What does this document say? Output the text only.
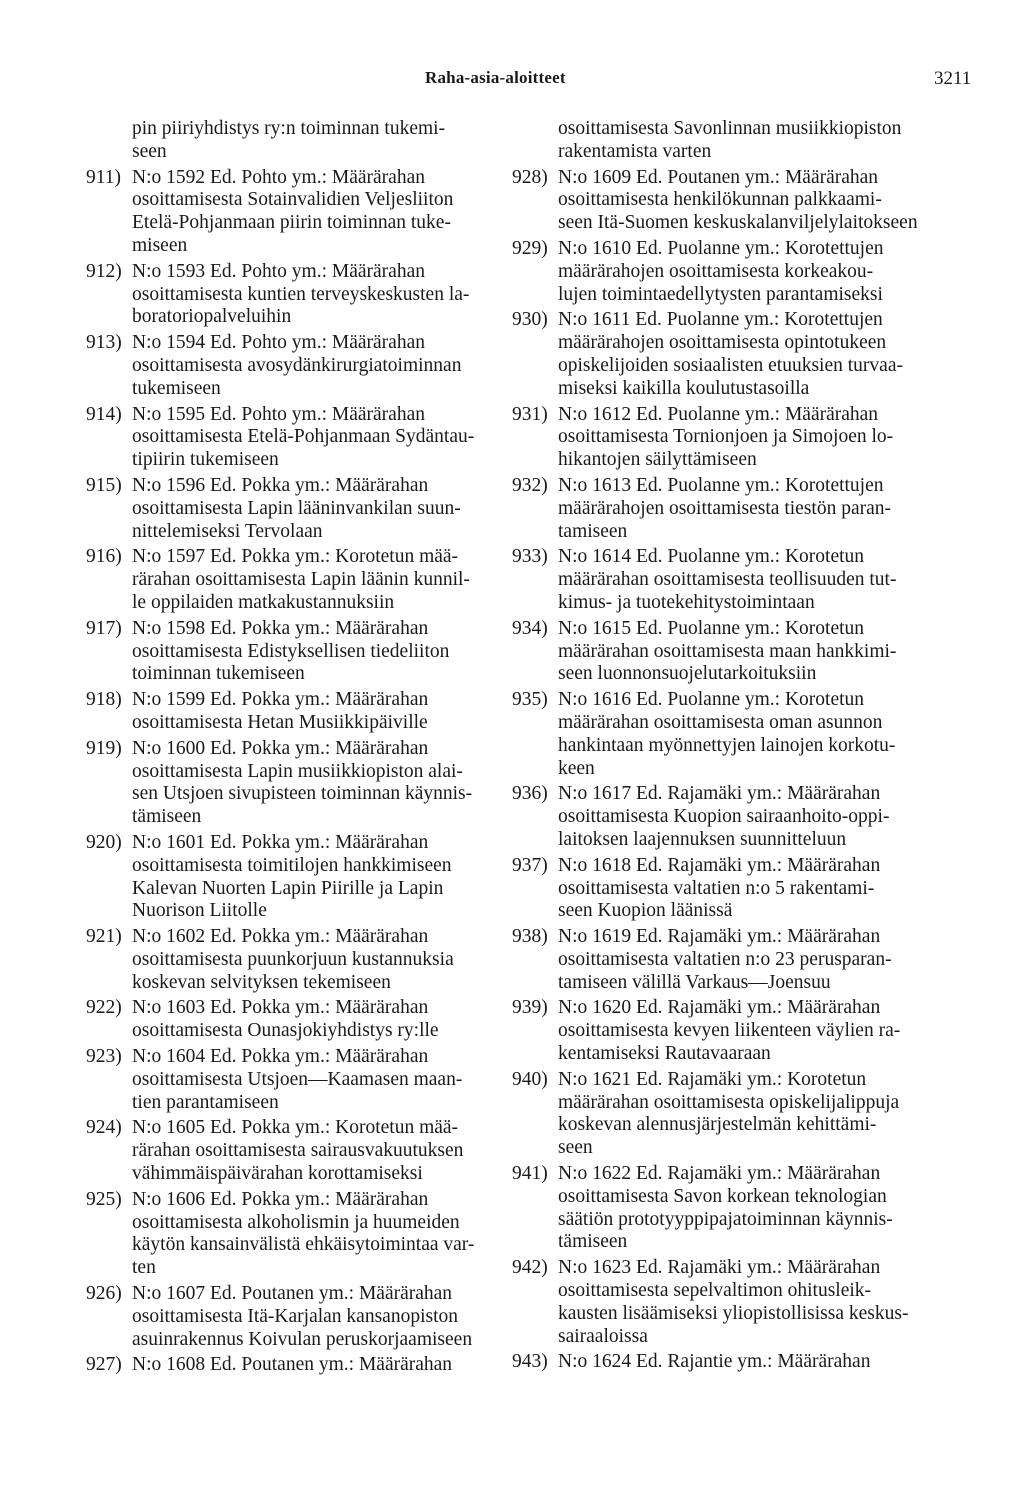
Raha-asia-aloitteet	3211
pin piiriyhdistys ry:n toiminnan tukemi-
seen
911) N:o 1592 Ed. Pohto ym.: Määrärahan
osoittamisesta Sotainvalidien Veljesliiton
Etelä-Pohjanmaan piirin toiminnan tuke-
miseen
912) N:o 1593 Ed. Pohto ym.: Määrärahan
osoittamisesta kuntien terveyskeskusten la-
boratoriopalveluihin
913) N:o 1594 Ed. Pohto ym.: Määrärahan
osoittamisesta avosydänkirurgiatoiminnan
tukemiseen
914) N:o 1595 Ed. Pohto ym.: Määrärahan
osoittamisesta Etelä-Pohjanmaan Sydäntau-
tipiirin tukemiseen
915) N:o 1596 Ed. Pokka ym.: Määrärahan
osoittamisesta Lapin lääninvankilan suun-
nittelemiseksi Tervolaan
916) N:o 1597 Ed. Pokka ym.: Korotetun mää-
rärahan osoittamisesta Lapin läänin kunnil-
le oppilaiden matkakustannuksiin
917) N:o 1598 Ed. Pokka ym.: Määrärahan
osoittamisesta Edistyksellisen tiedeliiton
toiminnan tukemiseen
918) N:o 1599 Ed. Pokka ym.: Määrärahan
osoittamisesta Hetan Musiikkipäiville
919) N:o 1600 Ed. Pokka ym.: Määrärahan
osoittamisesta Lapin musiikkiopiston alai-
sen Utsjoen sivupisteen toiminnan käynnis-
tämiseen
920) N:o 1601 Ed. Pokka ym.: Määrärahan
osoittamisesta toimitilojen hankkimiseen
Kalevan Nuorten Lapin Piirille ja Lapin
Nuorison Liitolle
921) N:o 1602 Ed. Pokka ym.: Määrärahan
osoittamisesta puunkorjuun kustannuksia
koskevan selvityksen tekemiseen
922) N:o 1603 Ed. Pokka ym.: Määrärahan
osoittamisesta Ounasjokiyhdistys ry:lle
923) N:o 1604 Ed. Pokka ym.: Määrärahan
osoittamisesta Utsjoen—Kaamasen maan-
tien parantamiseen
924) N:o 1605 Ed. Pokka ym.: Korotetun mää-
rärahan osoittamisesta sairausvakuutuksen
vähimmäispäivärahan korottamiseksi
925) N:o 1606 Ed. Pokka ym.: Määrärahan
osoittamisesta alkoholismin ja huumeiden
käytön kansainvälistä ehkäisytoimintaa var-
ten
926) N:o 1607 Ed. Poutanen ym.: Määrärahan
osoittamisesta Itä-Karjalan kansanopiston
asuinrakennus Koivulan peruskorjaamiseen
927) N:o 1608 Ed. Poutanen ym.: Määrärahan
osoittamisesta Savonlinnan musiikkiopiston
rakentamista varten
928) N:o 1609 Ed. Poutanen ym.: Määrärahan
osoittamisesta henkilökunnan palkkaami-
seen Itä-Suomen keskuskalanviljelylaitokseen
929) N:o 1610 Ed. Puolanne ym.: Korotettujen
määrärahojen osoittamisesta korkeakou-
lujen toimintaedellytysten parantamiseksi
930) N:o 1611 Ed. Puolanne ym.: Korotettujen
määrärahojen osoittamisesta opintotukeen
opiskelijoiden sosiaalisten etuuksien turvaa-
miseksi kaikilla koulutustasoilla
931) N:o 1612 Ed. Puolanne ym.: Määrärahan
osoittamisesta Tornionjoen ja Simojoen lo-
hikantojen säilyttämiseen
932) N:o 1613 Ed. Puolanne ym.: Korotettujen
määrärahojen osoittamisesta tiestön paran-
tamiseen
933) N:o 1614 Ed. Puolanne ym.: Korotetun
määrärahan osoittamisesta teollisuuden tut-
kimus- ja tuotekehitystoimintaan
934) N:o 1615 Ed. Puolanne ym.: Korotetun
määrärahan osoittamisesta maan hankkimi-
seen luonnonsuojelutarkoituksiin
935) N:o 1616 Ed. Puolanne ym.: Korotetun
määrärahan osoittamisesta oman asunnon
hankintaan myönnettyjen lainojen korkotu-
keen
936) N:o 1617 Ed. Rajamäki ym.: Määrärahan
osoittamisesta Kuopion sairaanhoito-oppi-
laitoksen laajennuksen suunnitteluun
937) N:o 1618 Ed. Rajamäki ym.: Määrärahan
osoittamisesta valtatien n:o 5 rakentami-
seen Kuopion läänissä
938) N:o 1619 Ed. Rajamäki ym.: Määrärahan
osoittamisesta valtatien n:o 23 perusparan-
tamiseen välillä Varkaus—Joensuu
939) N:o 1620 Ed. Rajamäki ym.: Määrärahan
osoittamisesta kevyen liikenteen väylien ra-
kentamiseksi Rautavaaraan
940) N:o 1621 Ed. Rajamäki ym.: Korotetun
määrärahan osoittamisesta opiskelijalippuja
koskevan alennusjärjestelmän kehittämi-
seen
941) N:o 1622 Ed. Rajamäki ym.: Määrärahan
osoittamisesta Savon korkean teknologian
säätiön prototyyppipajatoiminnan käynnis-
tämiseen
942) N:o 1623 Ed. Rajamäki ym.: Määrärahan
osoittamisesta sepelvaltimon ohitusleik-
kausten lisäämiseksi yliopistollisissa keskus-
sairaaloissa
943) N:o 1624 Ed. Rajantie ym.: Määrärahan
